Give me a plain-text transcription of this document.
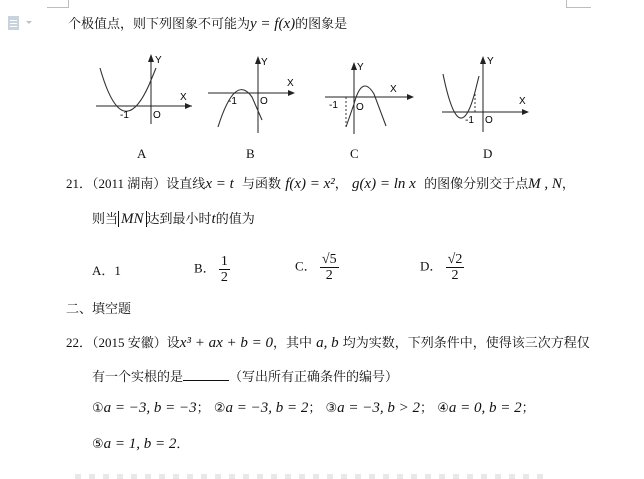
个极值点，则下列图象不可能为y = f(x)的图象是
Y
X
-1 O
A
Y
X
-1 O
B
Y
X
-1 O
C
Y
X
-1 O
D
21．（2011 湖南）设直线x = t 与函数 f(x) = x²， g(x) = ln x 的图像分别交于点M , N，
则当 MN 达到最小时t的值为
A．1	B． $\frac{1}{2}$	C． $\frac{√5}{2}$	D． $\frac{√2}{2}$
二、填空题
22．（2015 安徽）设x³ + ax + b = 0，其中 a, b 均为实数，下列条件中，使得该三次方程仅
有一个实根的是	（写出所有正确条件的编号）
①a = −3, b = −3； ②a = −3, b = 2； ③a = −3, b > 2； ④a = 0, b = 2；
⑤a = 1, b = 2．
